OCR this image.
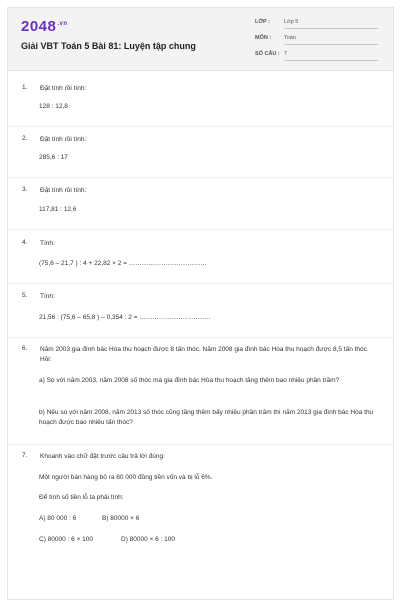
$2048^{.vn}$
Giải VBT Toán 5 Bài 81: Luyện tập chung
LỚP :	Lớp 5
MÔN : Toán
SỐ CÂU : 7
1. Đặt tính rồi tính:
128 : 12,8
2. Đặt tính rồi tính:
285,6 : 17
3. Đặt tính rồi tính:
117,81 : 12,6
4. Tính:
(75,6 – 21,7 ) : 4 + 22,82 × 2 = ………………………………
5. Tính:
21,56 : (75,6 – 65,8 ) – 0,354 : 2 = ……………………………
6. Năm 2003 gia đình bác Hòa thu hoạch được 8 tấn thóc. Năm 2008 gia đình bác Hòa thu hoạch được 8,5 tấn thóc. Hỏi:
a) So với năm 2003, năm 2008 số thóc mà gia đình bác Hòa thu hoạch tăng thêm bao nhiêu phần trăm?
b) Nếu so với năm 2008, năm 2013 số thóc cũng tăng thêm bấy nhiêu phần trăm thì năm 2013 gia đình bác Hòa thu hoạch được bao nhiêu tấn thóc?
7. Khoanh vào chữ đặt trước câu trả lời đúng:
Một người bán hàng bỏ ra 80 000 đồng tiền vốn và bị lỗ 6%.
Để tính số tiền lỗ ta phải tính:
A) 80 000 : 6	B) 80000 × 6
C) 80000 : 6 × 100	D) 80000 × 6 : 100
